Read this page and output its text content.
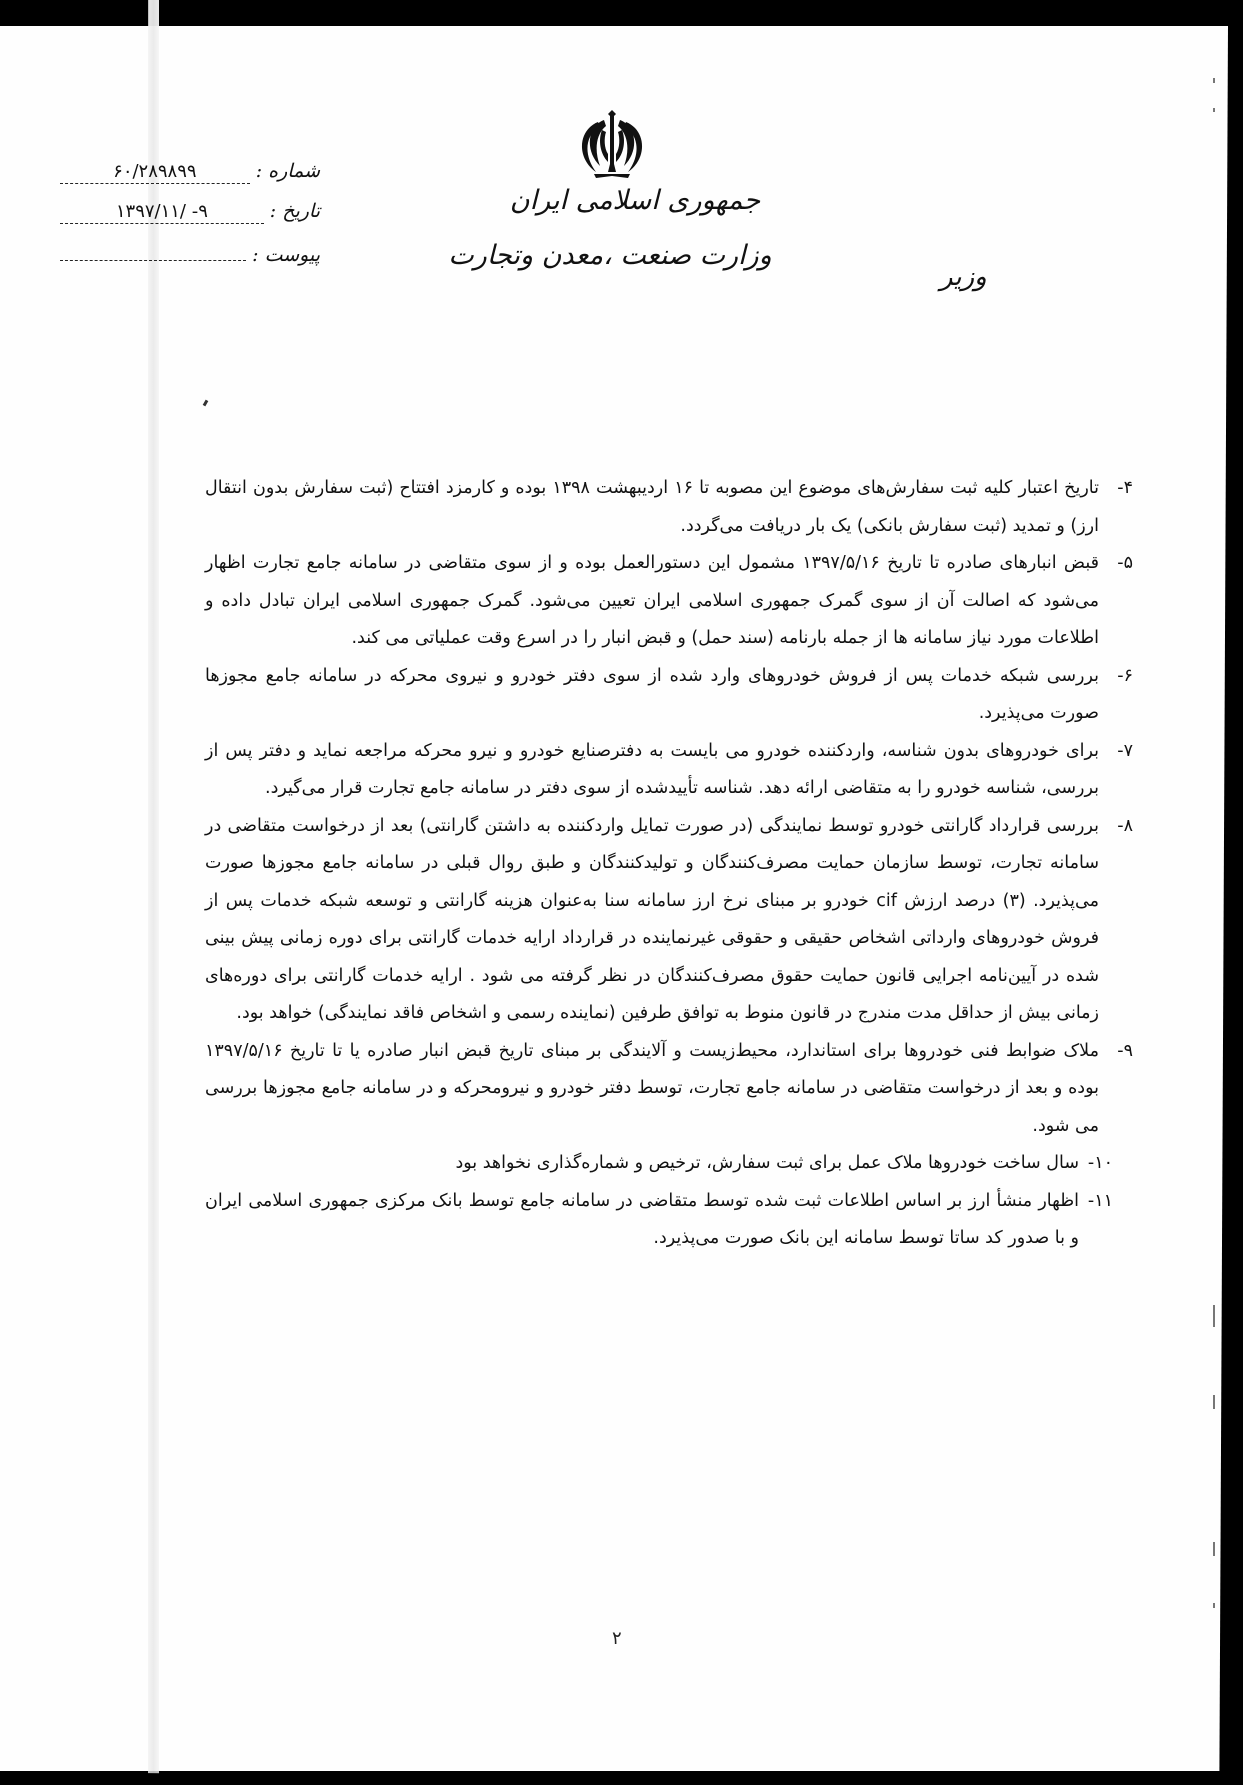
جمهوری اسلامی ایران
وزارت صنعت ،معدن وتجارت
وزیر
شماره :
۶۰/۲۸۹۸۹۹
تاریخ :
۱۳۹۷/۱۱/ -۹
پیوست :
۴-
تاریخ اعتبار کلیه ثبت سفارش‌های موضوع این مصوبه تا ۱۶ اردیبهشت ۱۳۹۸ بوده و کارمزد افتتاح (ثبت سفارش بدون انتقال ارز) و تمدید (ثبت سفارش بانکی) یک بار دریافت می‌گردد.
۵-
قبض انبارهای صادره تا تاریخ ۱۳۹۷/۵/۱۶ مشمول این دستورالعمل بوده و از سوی متقاضی در سامانه جامع تجارت اظهار می‌شود که اصالت آن از سوی گمرک جمهوری اسلامی ایران تعیین می‌شود. گمرک جمهوری اسلامی ایران تبادل داده و اطلاعات مورد نیاز سامانه ها از جمله بارنامه (سند حمل) و قبض انبار را در اسرع وقت عملیاتی می کند.
۶-
بررسی شبکه خدمات پس از فروش خودروهای وارد شده از سوی دفتر خودرو و نیروی محرکه در سامانه جامع مجوزها صورت می‌پذیرد.
۷-
برای خودروهای بدون شناسه، واردکننده خودرو می بایست به دفترصنایع خودرو و نیرو محرکه مراجعه نماید و دفتر پس از بررسی، شناسه خودرو را به متقاضی ارائه دهد. شناسه تأییدشده از سوی دفتر در سامانه جامع تجارت قرار می‌گیرد.
۸-
بررسی قرارداد گارانتی خودرو توسط نمایندگی (در صورت تمایل واردکننده به داشتن گارانتی) بعد از درخواست متقاضی در سامانه تجارت، توسط سازمان حمایت مصرف‌کنندگان و تولیدکنندگان و طبق روال قبلی در سامانه جامع مجوزها صورت می‌پذیرد. (۳) درصد ارزش cif خودرو بر مبنای نرخ ارز سامانه سنا به‌عنوان هزینه گارانتی و توسعه شبکه خدمات پس از فروش خودروهای وارداتی اشخاص حقیقی و حقوقی غیرنماینده در قرارداد ارایه خدمات گارانتی برای دوره زمانی پیش بینی شده در آیین‌نامه اجرایی قانون حمایت حقوق مصرف‌کنندگان در نظر گرفته می شود . ارایه خدمات گارانتی برای دوره‌های زمانی بیش از حداقل مدت مندرج در قانون منوط به توافق طرفین (نماینده رسمی و اشخاص فاقد نمایندگی) خواهد بود.
۹-
ملاک ضوابط فنی خودروها برای استاندارد، محیط‌زیست و آلایندگی بر مبنای تاریخ قبض انبار صادره یا تا تاریخ ۱۳۹۷/۵/۱۶ بوده و بعد از درخواست متقاضی در سامانه جامع تجارت، توسط دفتر خودرو و نیرومحرکه و در سامانه جامع مجوزها بررسی می شود.
۱۰-
سال ساخت خودروها ملاک عمل برای ثبت سفارش، ترخیص و شماره‌گذاری نخواهد بود
۱۱-
اظهار منشأ ارز بر اساس اطلاعات ثبت شده توسط متقاضی در سامانه جامع توسط بانک مرکزی جمهوری اسلامی ایران و با صدور کد ساتا توسط سامانه این بانک صورت می‌پذیرد.
۲
